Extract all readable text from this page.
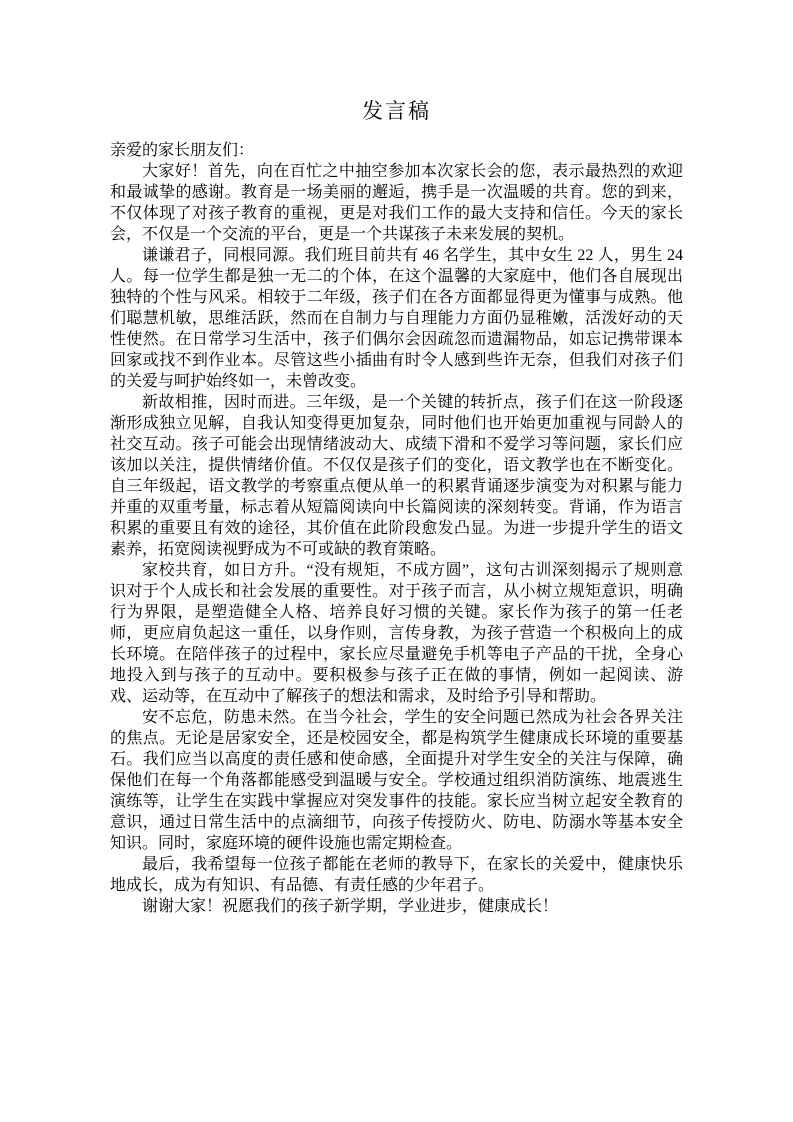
发言稿

亲爱的家长朋友们：

大家好！首先，向在百忙之中抽空参加本次家长会的您，表示最热烈的欢迎和最诚挚的感谢。教育是一场美丽的邂逅，携手是一次温暖的共育。您的到来，不仅体现了对孩子教育的重视，更是对我们工作的最大支持和信任。今天的家长会，不仅是一个交流的平台，更是一个共谋孩子未来发展的契机。

谦谦君子，同根同源。我们班目前共有 46 名学生，其中女生 22 人，男生 24 人。每一位学生都是独一无二的个体，在这个温馨的大家庭中，他们各自展现出独特的个性与风采。相较于二年级，孩子们在各方面都显得更为懂事与成熟。他们聪慧机敏，思维活跃，然而在自制力与自理能力方面仍显稚嫩，活泼好动的天性使然。在日常学习生活中，孩子们偶尔会因疏忽而遗漏物品，如忘记携带课本回家或找不到作业本。尽管这些小插曲有时令人感到些许无奈，但我们对孩子们的关爱与呵护始终如一，未曾改变。

新故相推，因时而进。三年级，是一个关键的转折点，孩子们在这一阶段逐渐形成独立见解，自我认知变得更加复杂，同时他们也开始更加重视与同龄人的社交互动。孩子可能会出现情绪波动大、成绩下滑和不爱学习等问题，家长们应该加以关注，提供情绪价值。不仅仅是孩子们的变化，语文教学也在不断变化。自三年级起，语文教学的考察重点便从单一的积累背诵逐步演变为对积累与能力并重的双重考量，标志着从短篇阅读向中长篇阅读的深刻转变。背诵，作为语言积累的重要且有效的途径，其价值在此阶段愈发凸显。为进一步提升学生的语文素养，拓宽阅读视野成为不可或缺的教育策略。

家校共育，如日方升。“没有规矩，不成方圆”，这句古训深刻揭示了规则意识对于个人成长和社会发展的重要性。对于孩子而言，从小树立规矩意识，明确行为界限，是塑造健全人格、培养良好习惯的关键。家长作为孩子的第一任老师，更应肩负起这一重任，以身作则，言传身教，为孩子营造一个积极向上的成长环境。在陪伴孩子的过程中，家长应尽量避免手机等电子产品的干扰，全身心地投入到与孩子的互动中。要积极参与孩子正在做的事情，例如一起阅读、游戏、运动等，在互动中了解孩子的想法和需求，及时给予引导和帮助。

安不忘危，防患未然。在当今社会，学生的安全问题已然成为社会各界关注的焦点。无论是居家安全，还是校园安全，都是构筑学生健康成长环境的重要基石。我们应当以高度的责任感和使命感，全面提升对学生安全的关注与保障，确保他们在每一个角落都能感受到温暖与安全。学校通过组织消防演练、地震逃生演练等，让学生在实践中掌握应对突发事件的技能。家长应当树立起安全教育的意识，通过日常生活中的点滴细节，向孩子传授防火、防电、防溺水等基本安全知识。同时，家庭环境的硬件设施也需定期检查。

最后，我希望每一位孩子都能在老师的教导下，在家长的关爱中，健康快乐地成长，成为有知识、有品德、有责任感的少年君子。

谢谢大家！祝愿我们的孩子新学期，学业进步，健康成长！
